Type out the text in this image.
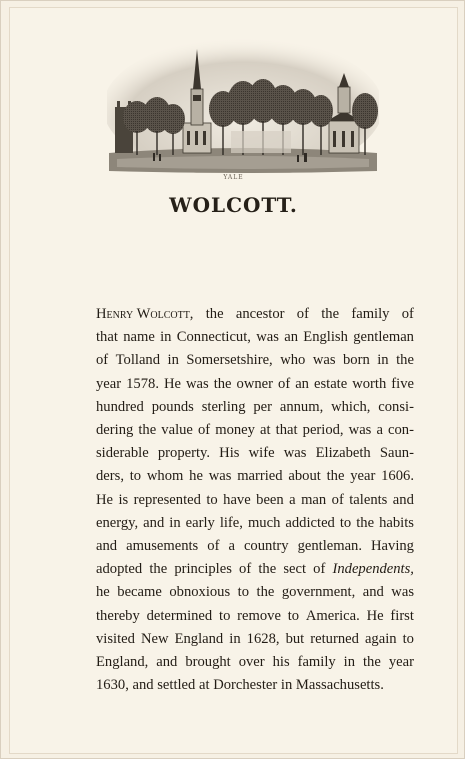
YALE
WOLCOTT.
Henry Wolcott, the ancestor of the family of
that name in Connecticut, was an English gentleman
of Tolland in Somersetshire, who was born in the
year 1578. He was the owner of an estate worth five
hundred pounds sterling per annum, which, consi-
dering the value of money at that period, was a con-
siderable property. His wife was Elizabeth Saun-
ders, to whom he was married about the year 1606.
He is represented to have been a man of talents and
energy, and in early life, much addicted to the habits
and amusements of a country gentleman. Having
adopted the principles of the sect of Independents,
he became obnoxious to the government, and was
thereby determined to remove to America. He first
visited New England in 1628, but returned again to
England, and brought over his family in the year
1630,
and
settled
at
Dorchester
in
Massachusetts.
